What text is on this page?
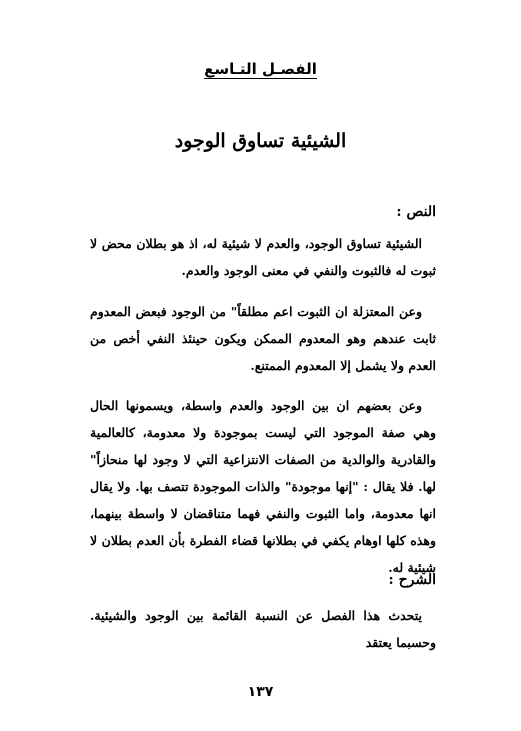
الفصـل التـاسع
الشيئية تساوق الوجود
النص :

الشيئية تساوق الوجود، والعدم لا شيئية له، اذ هو بطلان محض لا ثبوت له فالثبوت والنفي في معنى الوجود والعدم.

وعن المعتزلة ان الثبوت اعم مطلقاً" من الوجود فبعض المعدوم ثابت عندهم وهو المعدوم الممكن ويكون حينئذ النفي أخص من العدم ولا يشمل إلا المعدوم الممتنع.

وعن بعضهم ان بين الوجود والعدم واسطة، ويسمونها الحال وهي صفة الموجود التي ليست بموجودة ولا معدومة، كالعالمية والقادرية والوالدية من الصفات الانتزاعية التي لا وجود لها منحازاً" لها. فلا يقال : "إنها موجودة" والذات الموجودة تتصف بها. ولا يقال انها معدومة، واما الثبوت والنفي فهما متناقضان لا واسطة بينهما، وهذه كلها اوهام يكفي في بطلانها قضاء الفطرة بأن العدم بطلان لا شيئية له.

الشرح :

يتحدث هذا الفصل عن النسبة القائمة بين الوجود والشيئية. وحسبما يعتقد

١٣٧
